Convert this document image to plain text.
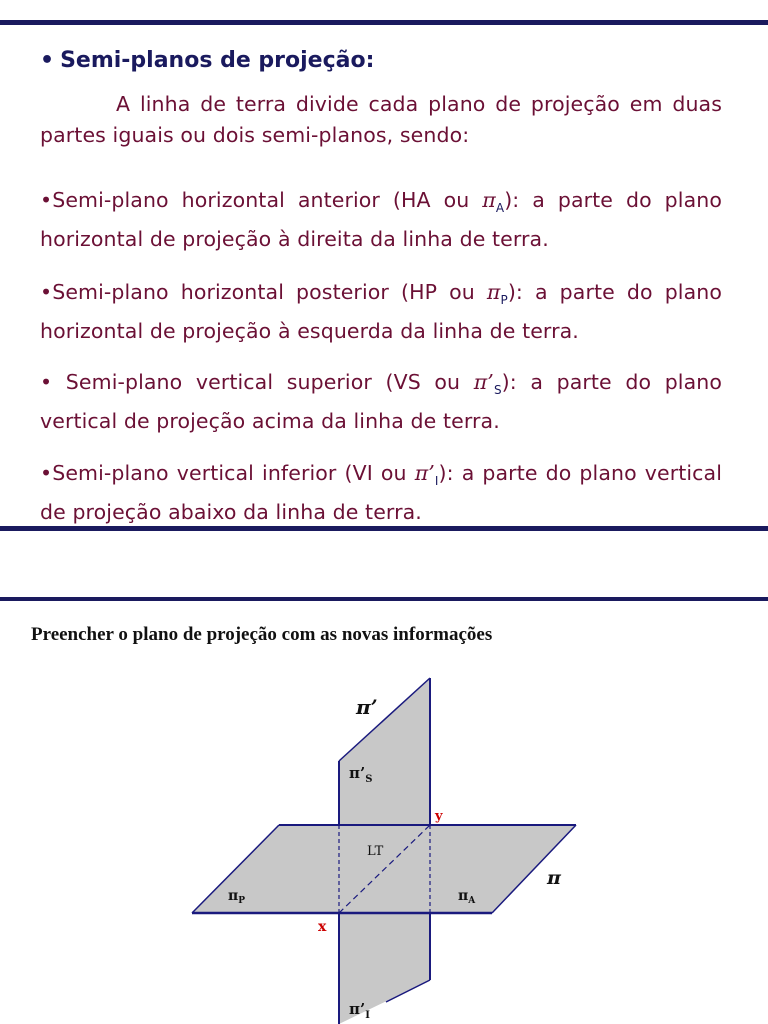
• Semi-planos de projeção:

A linha de terra divide cada plano de projeção em duas partes iguais ou dois semi-planos, sendo:

•Semi-plano horizontal anterior (HA ou $\pi_A$): a parte do plano horizontal de projeção à direita da linha de terra.

•Semi-plano horizontal posterior (HP ou $\pi_P$): a parte do plano horizontal de projeção à esquerda da linha de terra.

• Semi-plano vertical superior (VS ou $\pi’_S$): a parte do plano vertical de projeção acima da linha de terra.

•Semi-plano vertical inferior (VI ou $\pi’_I$): a parte do plano vertical de projeção abaixo da linha de terra.

Preencher o plano de projeção com as novas informações
π’
$\pi’_S$
y
LT
π
$\pi_P$	$\pi_A$
x
$\pi’_I$
